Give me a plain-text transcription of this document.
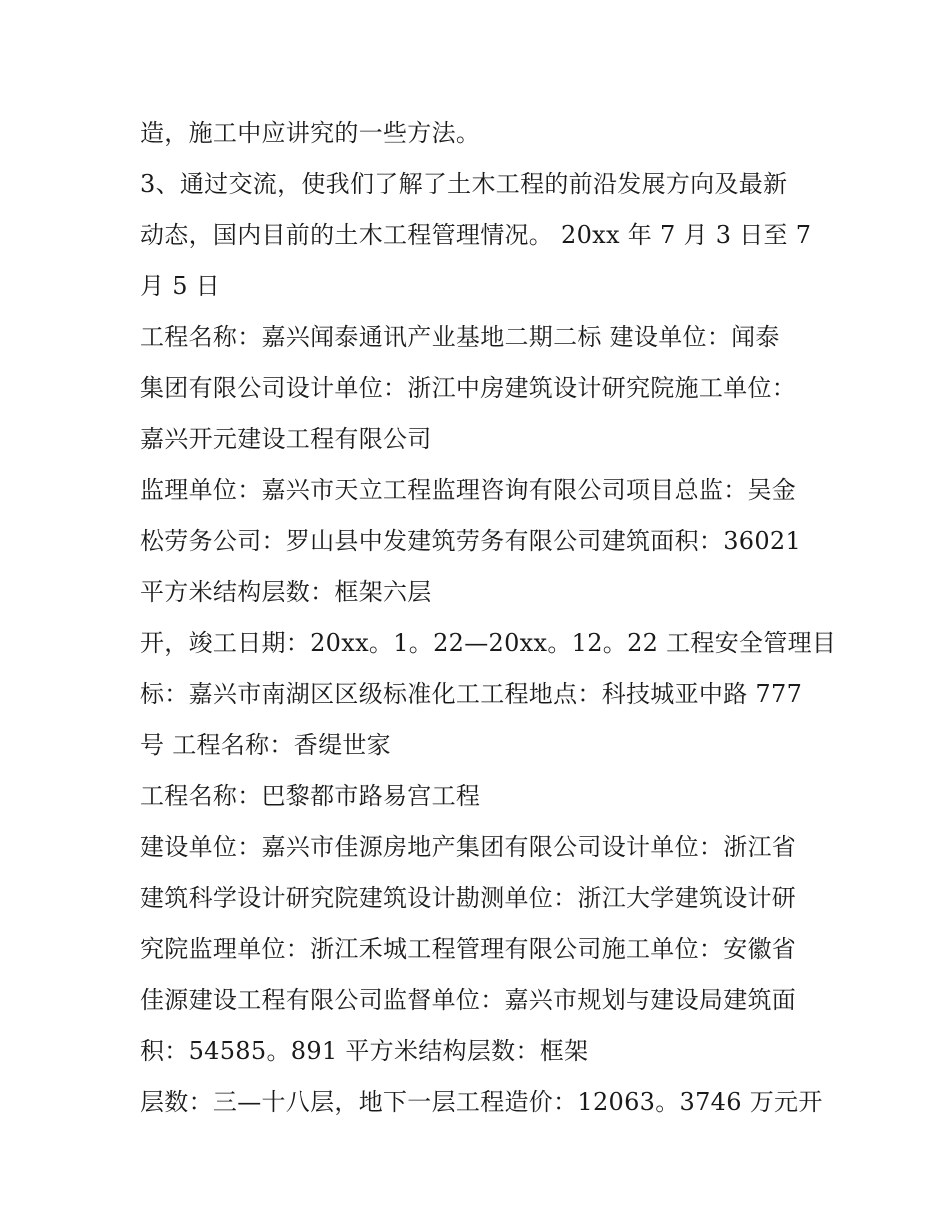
造，施工中应讲究的一些方法。
3、通过交流，使我们了解了土木工程的前沿发展方向及最新
动态，国内目前的土木工程管理情况。 20xx 年 7 月 3 日至 7
月 5 日
工程名称：嘉兴闻泰通讯产业基地二期二标 建设单位：闻泰
集团有限公司设计单位：浙江中房建筑设计研究院施工单位：
嘉兴开元建设工程有限公司
监理单位：嘉兴市天立工程监理咨询有限公司项目总监：吴金
松劳务公司：罗山县中发建筑劳务有限公司建筑面积：36021
平方米结构层数：框架六层
开，竣工日期：20xx。1。22—20xx。12。22 工程安全管理目
标：嘉兴市南湖区区级标准化工工程地点：科技城亚中路 777
号 工程名称：香缇世家
工程名称：巴黎都市路易宫工程
建设单位：嘉兴市佳源房地产集团有限公司设计单位：浙江省
建筑科学设计研究院建筑设计勘测单位：浙江大学建筑设计研
究院监理单位：浙江禾城工程管理有限公司施工单位：安徽省
佳源建设工程有限公司监督单位：嘉兴市规划与建设局建筑面
积：54585。891 平方米结构层数：框架
层数：三—十八层，地下一层工程造价：12063。3746 万元开
